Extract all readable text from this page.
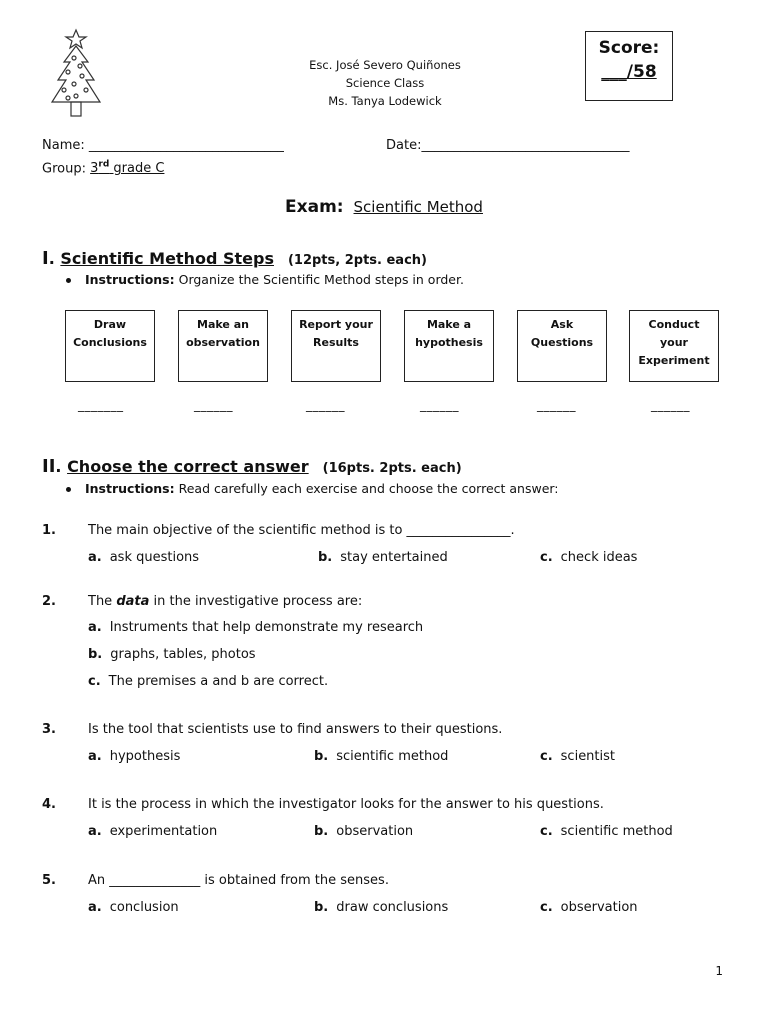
Esc. José Severo Quiñones
Science Class
Ms. Tanya Lodewick
Score:
___/58
Name: ______________________________	Date:________________________________
Group: 3rd grade C
Exam: Scientific Method
I. Scientific Method Steps (12pts, 2pts. each)
Instructions: Organize the Scientific Method steps in order.
Draw
Conclusions
Make an
observation
Report your
Results
Make a
hypothesis
Ask
Questions
Conduct
your
Experiment
_______	______	______	______	______	______
II. Choose the correct answer (16pts. 2pts. each)
Instructions: Read carefully each exercise and choose the correct answer:
1. The main objective of the scientific method is to ________________.
a. ask questions	b. stay entertained	c. check ideas
2. The data in the investigative process are:
a. Instruments that help demonstrate my research
b. graphs, tables, photos
c. The premises a and b are correct.
3. Is the tool that scientists use to find answers to their questions.
a. hypothesis	b. scientific method	c. scientist
4. It is the process in which the investigator looks for the answer to his questions.
a. experimentation	b. observation	c. scientific method
5. An ______________ is obtained from the senses.
a. conclusion	b. draw conclusions	c. observation
1
